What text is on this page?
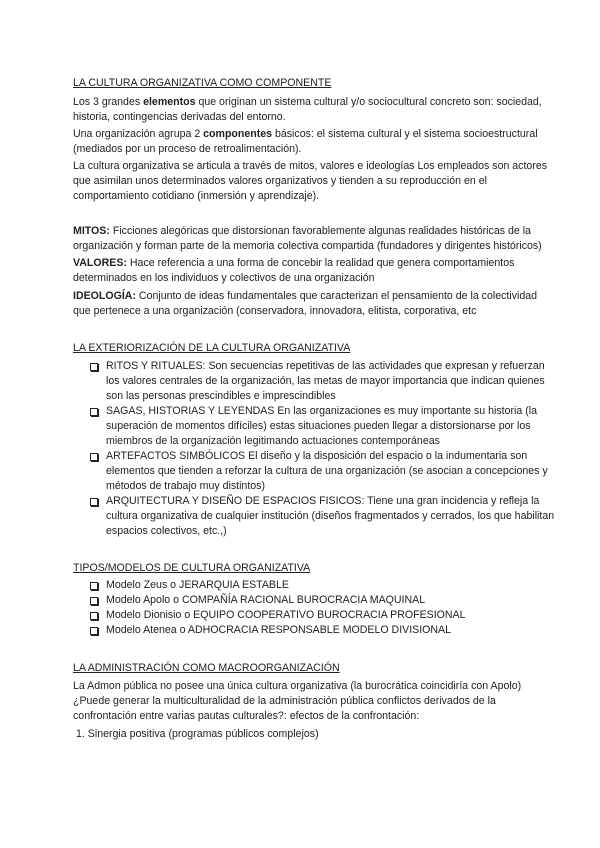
LA CULTURA ORGANIZATIVA COMO COMPONENTE

Los 3 grandes elementos que originan un sistema cultural y/o sociocultural concreto son: sociedad, historia, contingencias derivadas del entorno.

Una organización agrupa 2 componentes básicos: el sistema cultural y el sistema socioestructural (mediados por un proceso de retroalimentación).

La cultura organizativa se articula a través de mitos, valores e ideologías Los empleados son actores que asimilan unos determinados valores organizativos y tienden a su reproducción en el comportamiento cotidiano (inmersión y aprendizaje).

MITOS: Ficciones alegóricas que distorsionan favorablemente algunas realidades históricas de la organización y forman parte de la memoria colectiva compartida (fundadores y dirigentes históricos)

VALORES: Hace referencia a una forma de concebir la realidad que genera comportamientos determinados en los individuos y colectivos de una organización

IDEOLOGÍA: Conjunto de ideas fundamentales que caracterizan el pensamiento de la colectividad que pertenece a una organización (conservadora, innovadora, elitista, corporativa, etc

LA EXTERIORIZACIÓN DE LA CULTURA ORGANIZATIVA

RITOS Y RITUALES: Son secuencias repetitivas de las actividades que expresan y refuerzan los valores centrales de la organización, las metas de mayor importancia que indican quienes son las personas prescindibles e imprescindibles
SAGAS, HISTORIAS Y LEYENDAS En las organizaciones es muy importante su historia (la superación de momentos difíciles) estas situaciones pueden llegar a distorsionarse por los miembros de la organización legitimando actuaciones contemporáneas
ARTEFACTOS SIMBÓLICOS El diseño y la disposición del espacio o la indumentaria son elementos que tienden a reforzar la cultura de una organización (se asocian a concepciones y métodos de trabajo muy distintos)
ARQUITECTURA Y DISEÑO DE ESPACIOS FISICOS: Tiene una gran incidencia y refleja la cultura organizativa de cualquier institución (diseños fragmentados y cerrados, los que habilitan espacios colectivos, etc.,)

TIPOS/MODELOS DE CULTURA ORGANIZATIVA

Modelo Zeus o JERARQUIA ESTABLE
Modelo Apolo o COMPAÑÍA RACIONAL BUROCRACIA MAQUINAL
Modelo Dionisio o EQUIPO COOPERATIVO BUROCRACIA PROFESIONAL
Modelo Atenea o ADHOCRACIA RESPONSABLE MODELO DIVISIONAL

LA ADMINISTRACIÓN COMO MACROORGANIZACIÓN

La Admon pública no posee una única cultura organizativa (la burocrática coincidiría con Apolo) ¿Puede generar la multiculturalidad de la administración pública conflictos derivados de la confrontación entre varias pautas culturales?: efectos de la confrontación:

1. Sinergia positiva (programas públicos complejos)
